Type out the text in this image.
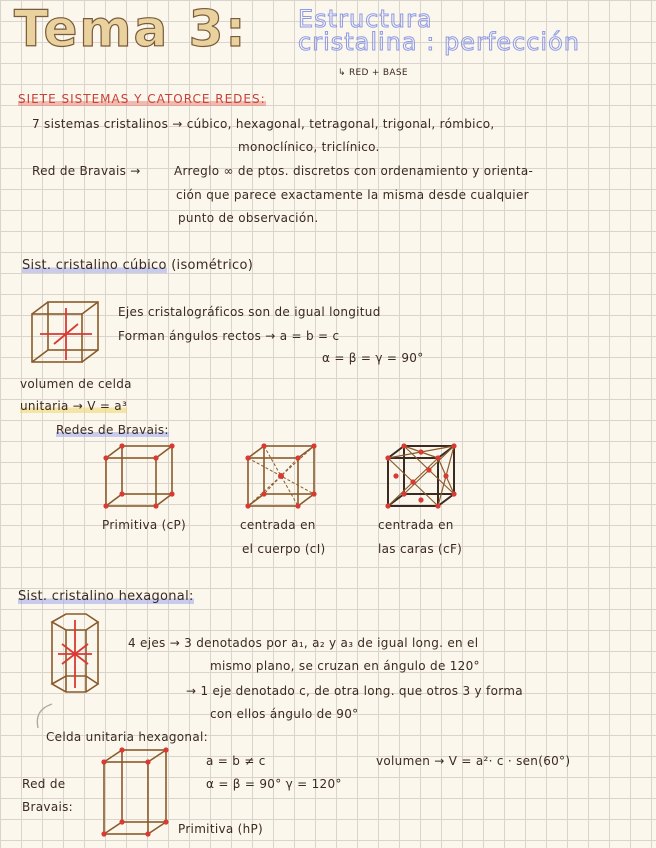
Tema 3: Estructura
cristalina : perfección
↳ RED + BASE
SIETE SISTEMAS Y CATORCE REDES:
7 sistemas cristalinos → cúbico, hexagonal, tetragonal, trigonal, rómbico,
monoclínico, triclínico.
Red de Bravais →	Arreglo ∞ de ptos. discretos con ordenamiento y orienta-
ción que parece exactamente la misma desde cualquier
punto de observación.
Sist. cristalino cúbico (isométrico)
Ejes cristalográficos son de igual longitud
Forman ángulos rectos → a = b = c
α = β = γ = 90°
volumen de celda
unitaria → V = a³
Redes de Bravais:
Primitiva (cP)	centrada en
el cuerpo (cI)
centrada en
las caras (cF)
Sist. cristalino hexagonal:
4 ejes → 3 denotados por a₁, a₂ y a₃ de igual long. en el
mismo plano, se cruzan en ángulo de 120°
→ 1 eje denotado c, de otra long. que otros 3 y forma
con ellos ángulo de 90°
Celda unitaria hexagonal:
a = b ≠ c
α = β = 90° γ = 120°
volumen → V = a²· c · sen(60°)
Red de
Bravais:
Primitiva (hP)
